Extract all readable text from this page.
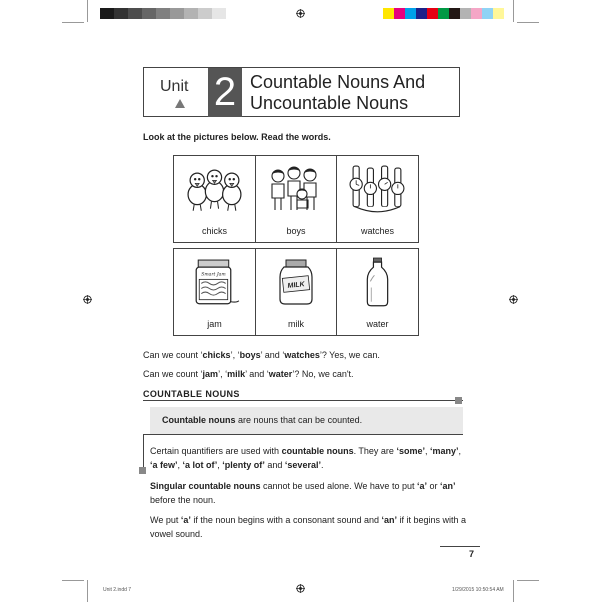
Unit 2 Countable Nouns And
Uncountable Nouns
Look at the pictures below. Read the words.
chicks	boys	watches
Smart Jam
jam
MILK
milk	water
Can we count ‘chicks’, ‘boys’ and ‘watches’? Yes, we can.
Can we count ‘jam’, ‘milk’ and ‘water’? No, we can't.
COUNTABLE NOUNS
Countable nouns are nouns that can be counted.
Certain quantifiers are used with countable nouns. They are ‘some’, ‘many’, ‘a few’, ‘a lot of’, ‘plenty of’ and ‘several’.
Singular countable nouns cannot be used alone. We have to put ‘a’ or ‘an’ before the noun.
We put ‘a’ if the noun begins with a consonant sound and ‘an’ if it begins with a vowel sound.
7
Unit 2.indd 7	1/29/2015 10:50:54 AM
